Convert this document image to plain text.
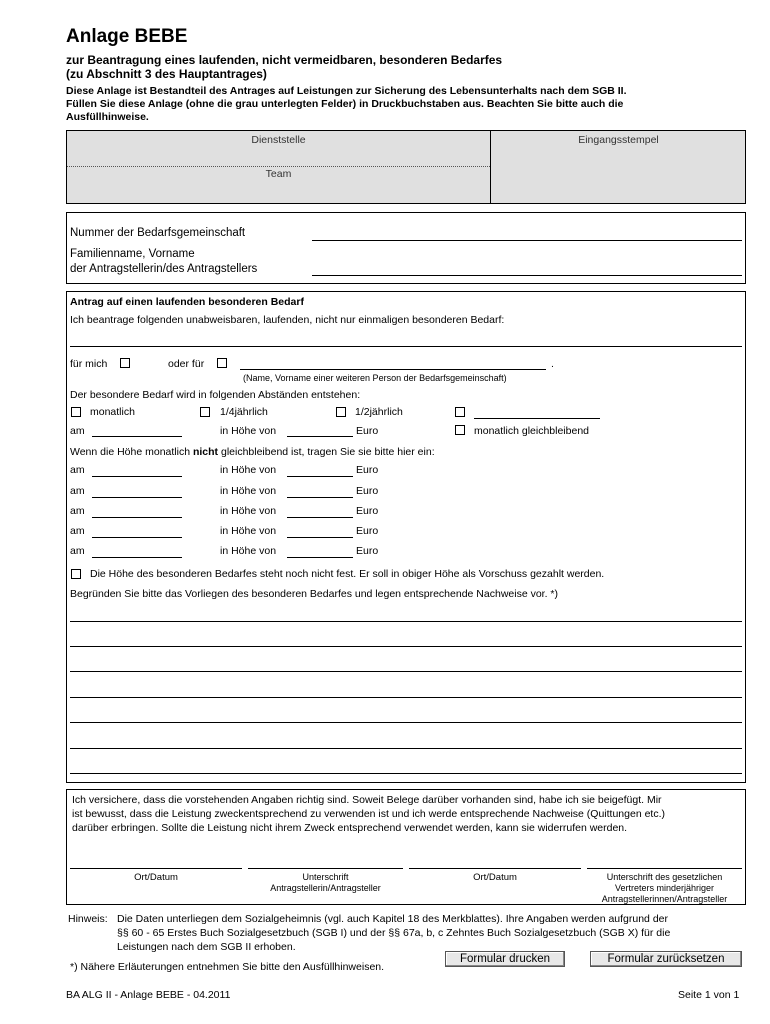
Anlage BEBE
zur Beantragung eines laufenden, nicht vermeidbaren, besonderen Bedarfes
(zu Abschnitt 3 des Hauptantrages)
Diese Anlage ist Bestandteil des Antrages auf Leistungen zur Sicherung des Lebensunterhalts nach dem SGB II.
Füllen Sie diese Anlage (ohne die grau unterlegten Felder) in Druckbuchstaben aus. Beachten Sie bitte auch die
Ausfüllhinweise.
Dienststelle
Team
Eingangsstempel
Nummer der Bedarfsgemeinschaft
Familienname, Vorname
der Antragstellerin/des Antragstellers
Antrag auf einen laufenden besonderen Bedarf
Ich beantrage folgenden unabweisbaren, laufenden, nicht nur einmaligen besonderen Bedarf:
für mich	oder für	.
(Name, Vorname einer weiteren Person der Bedarfsgemeinschaft)
Der besondere Bedarf wird in folgenden Abständen entstehen:
monatlich	1/4jährlich	1/2jährlich
am	in Höhe von	Euro	monatlich gleichbleibend
Wenn die Höhe monatlich nicht gleichbleibend ist, tragen Sie sie bitte hier ein:
am	in Höhe von	Euro
am	in Höhe von	Euro
am	in Höhe von	Euro
am	in Höhe von	Euro
am	in Höhe von	Euro
Die Höhe des besonderen Bedarfes steht noch nicht fest. Er soll in obiger Höhe als Vorschuss gezahlt werden.
Begründen Sie bitte das Vorliegen des besonderen Bedarfes und legen entsprechende Nachweise vor. *)
Ich versichere, dass die vorstehenden Angaben richtig sind. Soweit Belege darüber vorhanden sind, habe ich sie beigefügt. Mir
ist bewusst, dass die Leistung zweckentsprechend zu verwenden ist und ich werde entsprechende Nachweise (Quittungen etc.)
darüber erbringen. Sollte die Leistung nicht ihrem Zweck entsprechend verwendet werden, kann sie widerrufen werden.
Ort/Datum	Unterschrift
Antragstellerin/Antragsteller
Ort/Datum	Unterschrift des gesetzlichen
Vertreters minderjähriger
Antragstellerinnen/Antragsteller
Hinweis: Die Daten unterliegen dem Sozialgeheimnis (vgl. auch Kapitel 18 des Merkblattes). Ihre Angaben werden aufgrund der
§§ 60 - 65 Erstes Buch Sozialgesetzbuch (SGB I) und der §§ 67a, b, c Zehntes Buch Sozialgesetzbuch (SGB X) für die
Leistungen nach dem SGB II erhoben.
*) Nähere Erläuterungen entnehmen Sie bitte den Ausfüllhinweisen.
Formular drucken	Formular zurücksetzen
BA ALG II - Anlage BEBE - 04.2011	Seite 1 von 1
